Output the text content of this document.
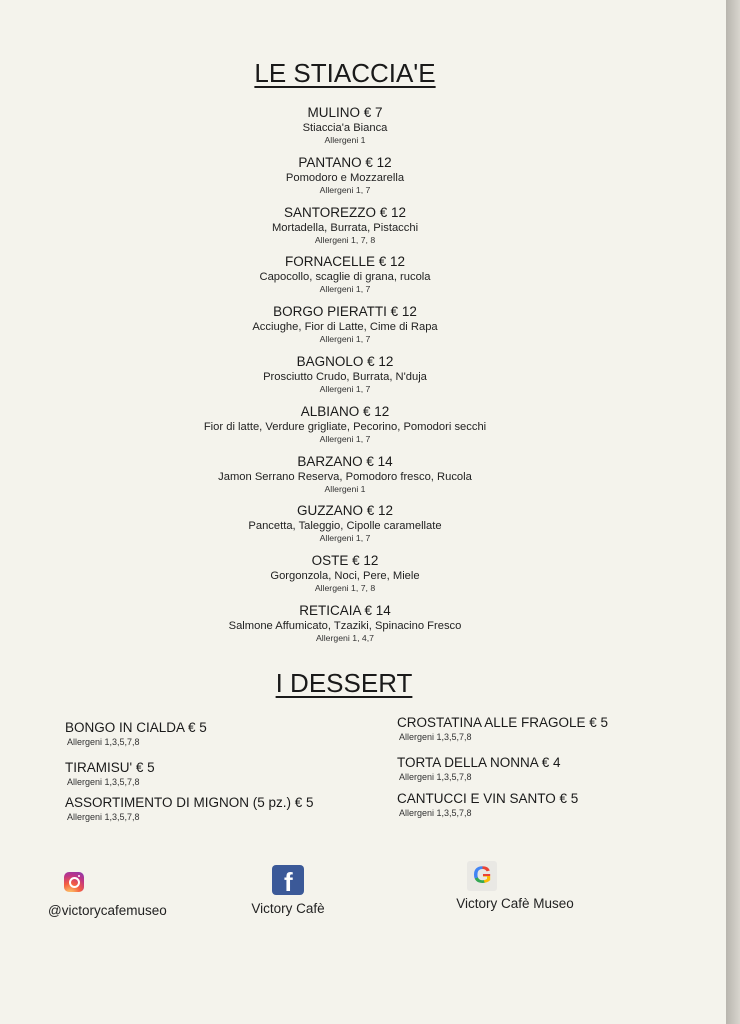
LE STIACCIA'E
MULINO € 7
Stiaccia'a Bianca
Allergeni 1
PANTANO € 12
Pomodoro e Mozzarella
Allergeni 1, 7
SANTOREZZO € 12
Mortadella, Burrata, Pistacchi
Allergeni 1, 7, 8
FORNACELLE € 12
Capocollo, scaglie di grana, rucola
Allergeni 1, 7
BORGO PIERATTI € 12
Acciughe, Fior di Latte, Cime di Rapa
Allergeni 1, 7
BAGNOLO € 12
Prosciutto Crudo, Burrata, N'duja
Allergeni 1, 7
ALBIANO € 12
Fior di latte, Verdure grigliate, Pecorino, Pomodori secchi
Allergeni 1, 7
BARZANO € 14
Jamon Serrano Reserva, Pomodoro fresco, Rucola
Allergeni 1
GUZZANO € 12
Pancetta, Taleggio, Cipolle caramellate
Allergeni 1, 7
OSTE € 12
Gorgonzola, Noci, Pere, Miele
Allergeni 1, 7, 8
RETICAIA € 14
Salmone Affumicato, Tzaziki, Spinacino Fresco
Allergeni 1, 4,7
I DESSERT
BONGO IN CIALDA € 5
Allergeni 1,3,5,7,8
TIRAMISU' € 5
Allergeni 1,3,5,7,8
ASSORTIMENTO DI MIGNON (5 pz.) € 5
Allergeni 1,3,5,7,8
CROSTATINA ALLE FRAGOLE € 5
Allergeni 1,3,5,7,8
TORTA DELLA NONNA € 4
Allergeni 1,3,5,7,8
CANTUCCI E VIN SANTO € 5
Allergeni 1,3,5,7,8
@victorycafemuseo
f
Victory Cafè
G
Victory Cafè Museo
